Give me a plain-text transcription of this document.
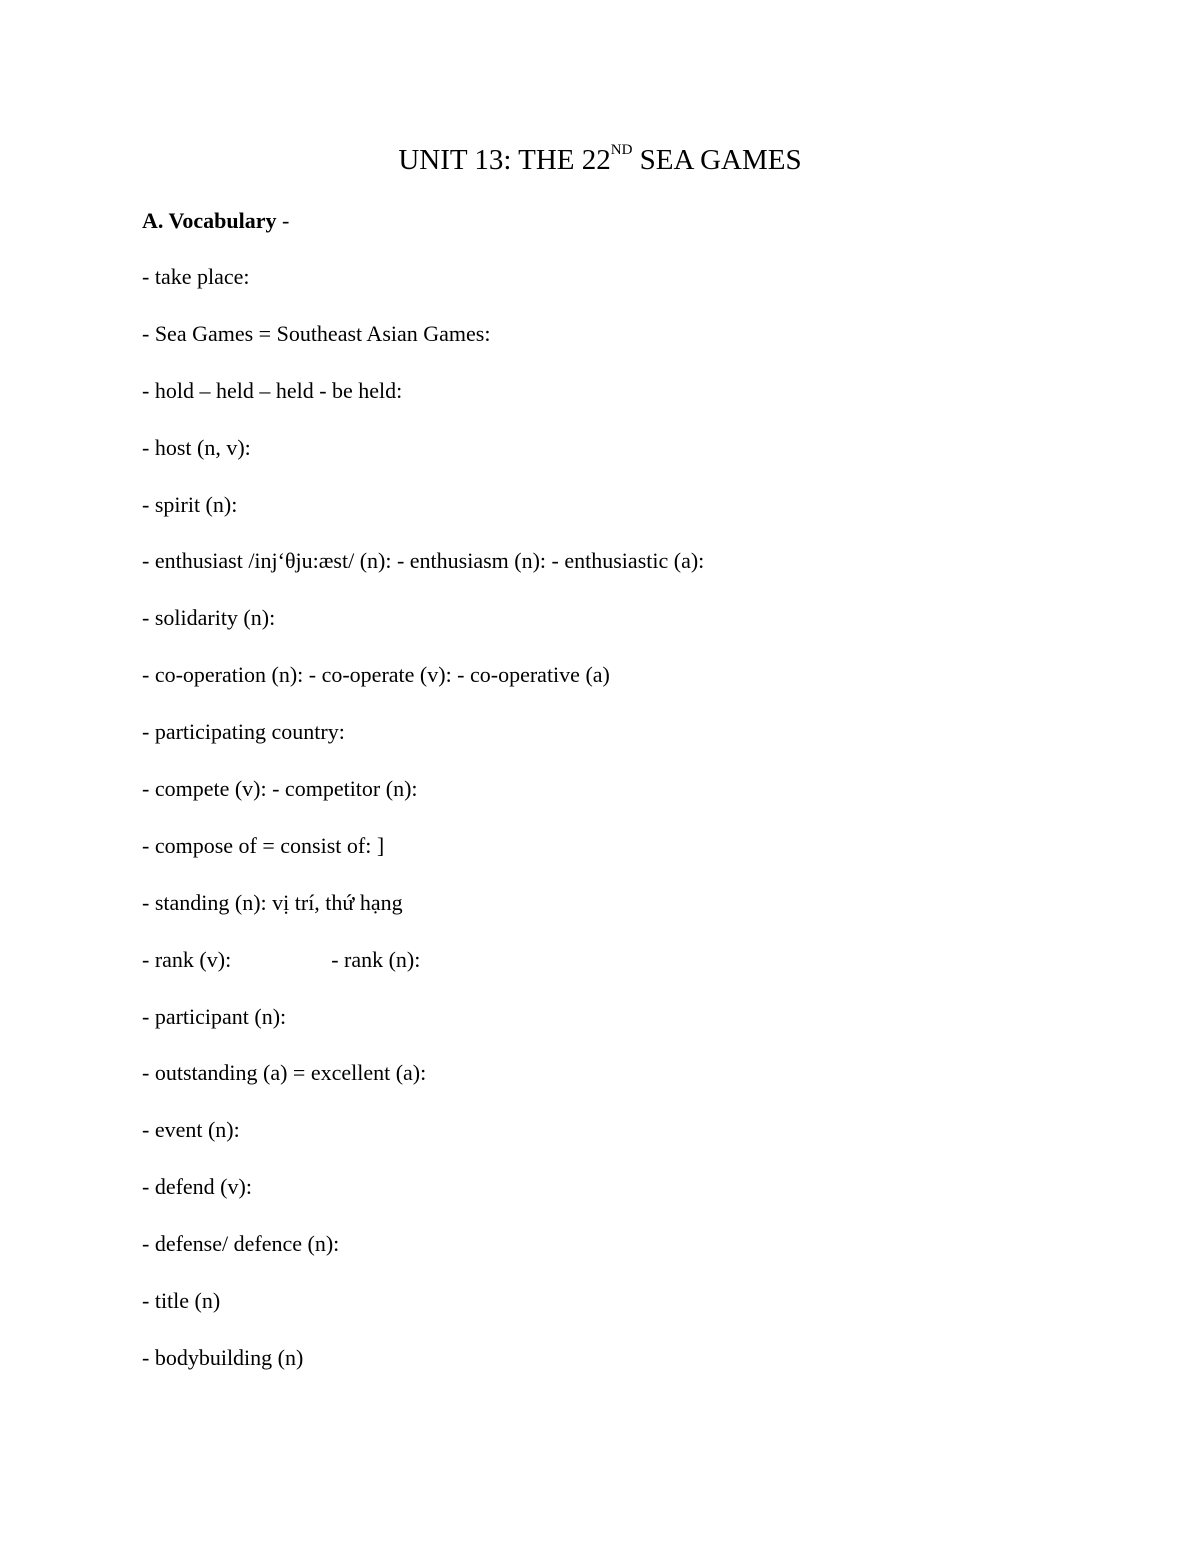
UNIT 13: THE 22ND SEA GAMES
A. Vocabulary -
- take place:
- Sea Games = Southeast Asian Games:
- hold – held – held - be held:
- host (n, v):
- spirit (n):
- enthusiast /inj‘θju:æst/ (n): - enthusiasm (n): - enthusiastic (a):
- solidarity (n):
- co-operation (n): - co-operate (v): - co-operative (a)
- participating country:
- compete (v): - competitor (n):
- compose of = consist of: ]
- standing (n): vị trí, thứ hạng
- rank (v):	- rank (n):
- participant (n):
- outstanding (a) = excellent (a):
- event (n):
- defend (v):
- defense/ defence (n):
- title (n)
- bodybuilding (n)
